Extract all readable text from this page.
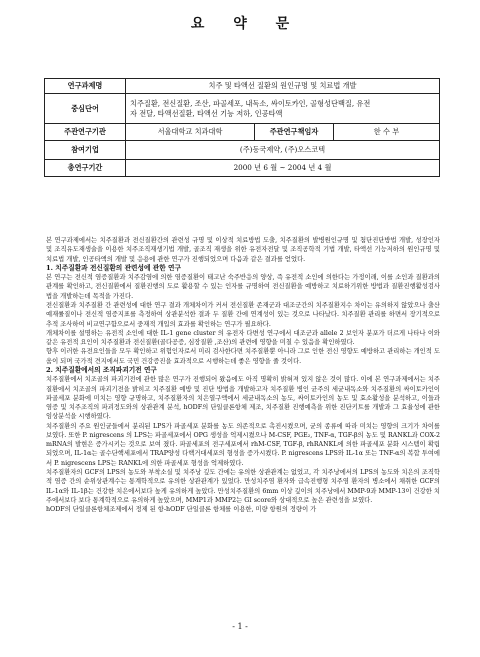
요 약 문
연구과제명	치주 및 타액선 질환의 원인규명 및 치료법 개발		
중심단어	치주질환, 전신질환, 조산, 파골세포, 내독소, 싸이토카인, 골형성단백질, 유전
자 전달, 타액선질환, 타액선 기능 저하, 인공타액		

주관연구기관	서울대학교 치과대학	주관연구책임자	한 수 부
참여기업	(주)동국제약, (주)오스코텍		
총연구기간	2000 년 6 월 ~ 2004 년 4 월		

본 연구과제에서는 치주질환과 전신질환간의 관련성 규명 및 이상적 치료방법 도출, 치주질환의 발병원인규명 및 첨단진단방법 개발, 성장인자 및 조직유도재생술을 이용한 치주조직재생기법 개발, 골조직 재생을 위한 유전자전달 및 조직공학적 기법 개발, 타액선 기능저하의 원인규명 및 치료법 개발, 인공타액의 개발 및 응용에 관한 연구가 진행되었으며 다음과 같은 결과를 얻었다.

1. 치주질환과 전신질환의 관련성에 관한 연구

본 연구는 전신적 염증질환과 치주감염에 의한 염증질환이 태고난 숙주반응의 양상, 즉 유전적 소인에 의한다는 가정이래, 이를 소인과 질환과의 관계를 확인하고, 전신질환에서 질환진행의 도로 활용할 수 있는 인자를 규명하여 전신질환을 예방하고 치료하기위한 방법과 질환진행활성검사법을 개발하는데 목적을 가진다.

전신질환과 치주질환 간 관련성에 대한 연구 결과 개체차이가 커서 전신질환 존재군과 대조군간의 치주질환지수 차이는 유의하지 않았으나 출산 예재률질이나 전신적 염증지표를 측정하여 상관분석한 결과 두 질환 간에 연계성이 있는 것으로 나타났다. 치주질환 관리를 하면서 장기적으로 추적 조사하여 비교연구함으로서 중재적 개입의 효과를 확인하는 연구가 필요하다.

개체차이를 설명하는 유전적 소인에 대한 IL-1 gene cluster 의 유전자 다변성 연구에서 대조군과 allele 2 보인자 분포가 더르게 나타나 이와같은 유전적 요인이 치주질환과 전신질환(골다공증, 심장질환 ,조산)의 관련에 영향을 미칠 수 있음을 확인하였다.

향후 이러한 유전요인들을 모두 확인하고 위험인자로서 미리 검사한다면 치주질환뿐 아니라 그로 인한 전신 영향도 예방하고 관리하는 개인적 도움이 되며 국가적 견지에서도 국민 건강증진을 효과적으로 시행하는데 좋은 영향을 줄 것이다.

2. 치주질환에서의 조직파괴기전 연구

치주질환에서 치조골의 파괴기전에 관한 많은 연구가 진행되어 왔음에도 아직 명확히 밝혀져 있지 않은 것이 많다. 이에 본 연구과제에서는 치주질환에서 치조골의 파괴기전을 밝히고 치주질환 예방 및 진단 방법을 개발하고자 치주질환 병인 균주의 세균내독소와 치주질환의 싸이토카인이 파골세포 분화에 미치는 영향 규명하고, 치주질환자의 치은열구액에서 세균내독소의 농도, 싸이토카인의 농도 및 효소활성을 분석하고, 이들과 염증 및 치주조직의 파괴정도와의 상관관계 분석, hODF의 단일클론항체 제조, 치주질환 진행예측을 위한 진단키트를 개발과 그 효율성에 관한 임상분석을 시행하였다.

치주질환의 주요 원인균들에서 분리된 LPS가 파골세포 분화를 농도 의존적으로 촉진시켰으며, 균의 종류에 따라 미치는 영향의 크기가 차이를 보였다. 또한 P. nigrescens 의 LPS는 파골세포에서 OPG 생성을 억제시켰으나 M-CSF, PGE₂, TNF-α, TGF-β의 농도 및 RANKL과 COX-2 mRNA의 발현은 증가시키는 것으로 보여 졌다. 파골세포의 전구세포에서 rhM-CSF, TGF-β, rhRANKL에 의한 파골세포 분화 시스템이 확립되었으며, IL-1α는 골수단핵세포에서 TRAP양성 다핵거대세포의 형성을 증가시켰다. P. nigrescens LPS와 IL-1α 또는 TNF-α의 복합 투여에서 P. nigrescens LPS는 RANKL에 의한 파골세포 형성을 억제하였다.

치주질환자의 GCF의 LPS의 농도와 부착소실 및 치주낭 깊도 간에는 유의한 상관관계는 없었고, 각 치주낭에서의 LPS의 농도와 치은의 조직학적 염증 간의 순위상관계수는 통계학적으로 유의한 상관관계가 있었다. 만성치주염 환자와 급속진행형 치주염 환자의 병소에서 채취한 GCF의 IL-1α와 IL-1β는 건강한 치은에서보다 높게 유의하게 높았다. 만성치주질환의 6mm 이상 깊이의 치주낭에서 MMP-9과 MMP-13이 건강한 치주에서보다 보다 통계학적으로 유의하게 높았으며, MMP1과 MMP2는 GI score와 상대적으로 높은 관련성을 보였다.

hODF의 단일클론항체조제에서 정제 된 항-hODF 단일클론 항체를 이용한, 미량 항원의 정량이 가

- 1 -
